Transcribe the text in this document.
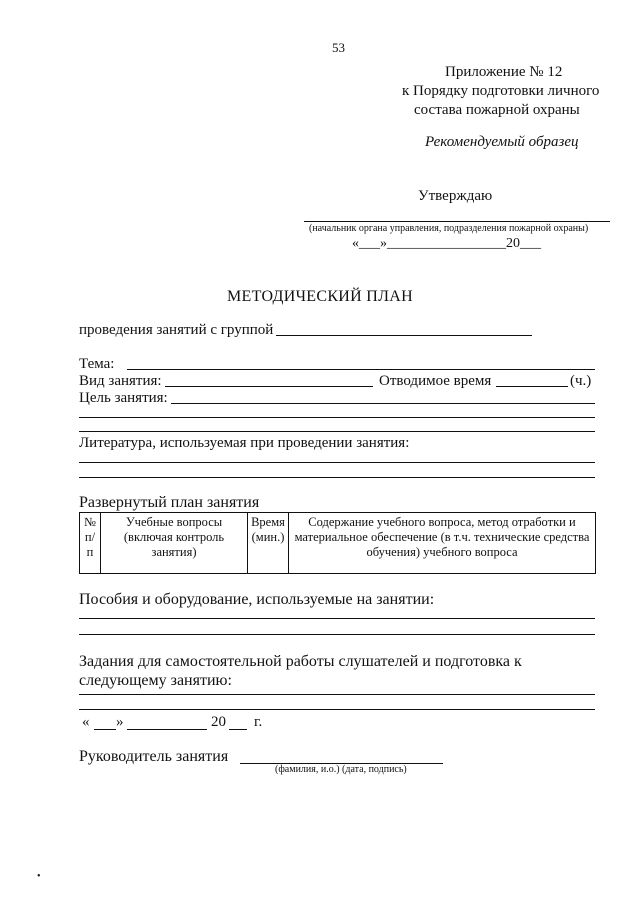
53
Приложение № 12
к Порядку подготовки личного
состава пожарной охраны
Рекомендуемый образец
Утверждаю
(начальник органа управления, подразделения пожарной охраны)
«___»_________________20___
МЕТОДИЧЕСКИЙ ПЛАН
проведения занятий с группой
Тема:
Вид занятия:	Отводимое время	(ч.)
Цель занятия:
Литература, используемая при проведении занятия:
Развернутый план занятия
№ п/п	Учебные вопросы (включая контроль занятия)	Время (мин.)	Содержание учебного вопроса, метод отработки и материальное обеспечение (в т.ч. технические средства обучения) учебного вопроса
Пособия и оборудование, используемые на занятии:
Задания для самостоятельной работы слушателей и подготовка к следующему занятию:
« »	20 г.
Руководитель занятия
(фамилия, и.о.) (дата, подпись)
•
